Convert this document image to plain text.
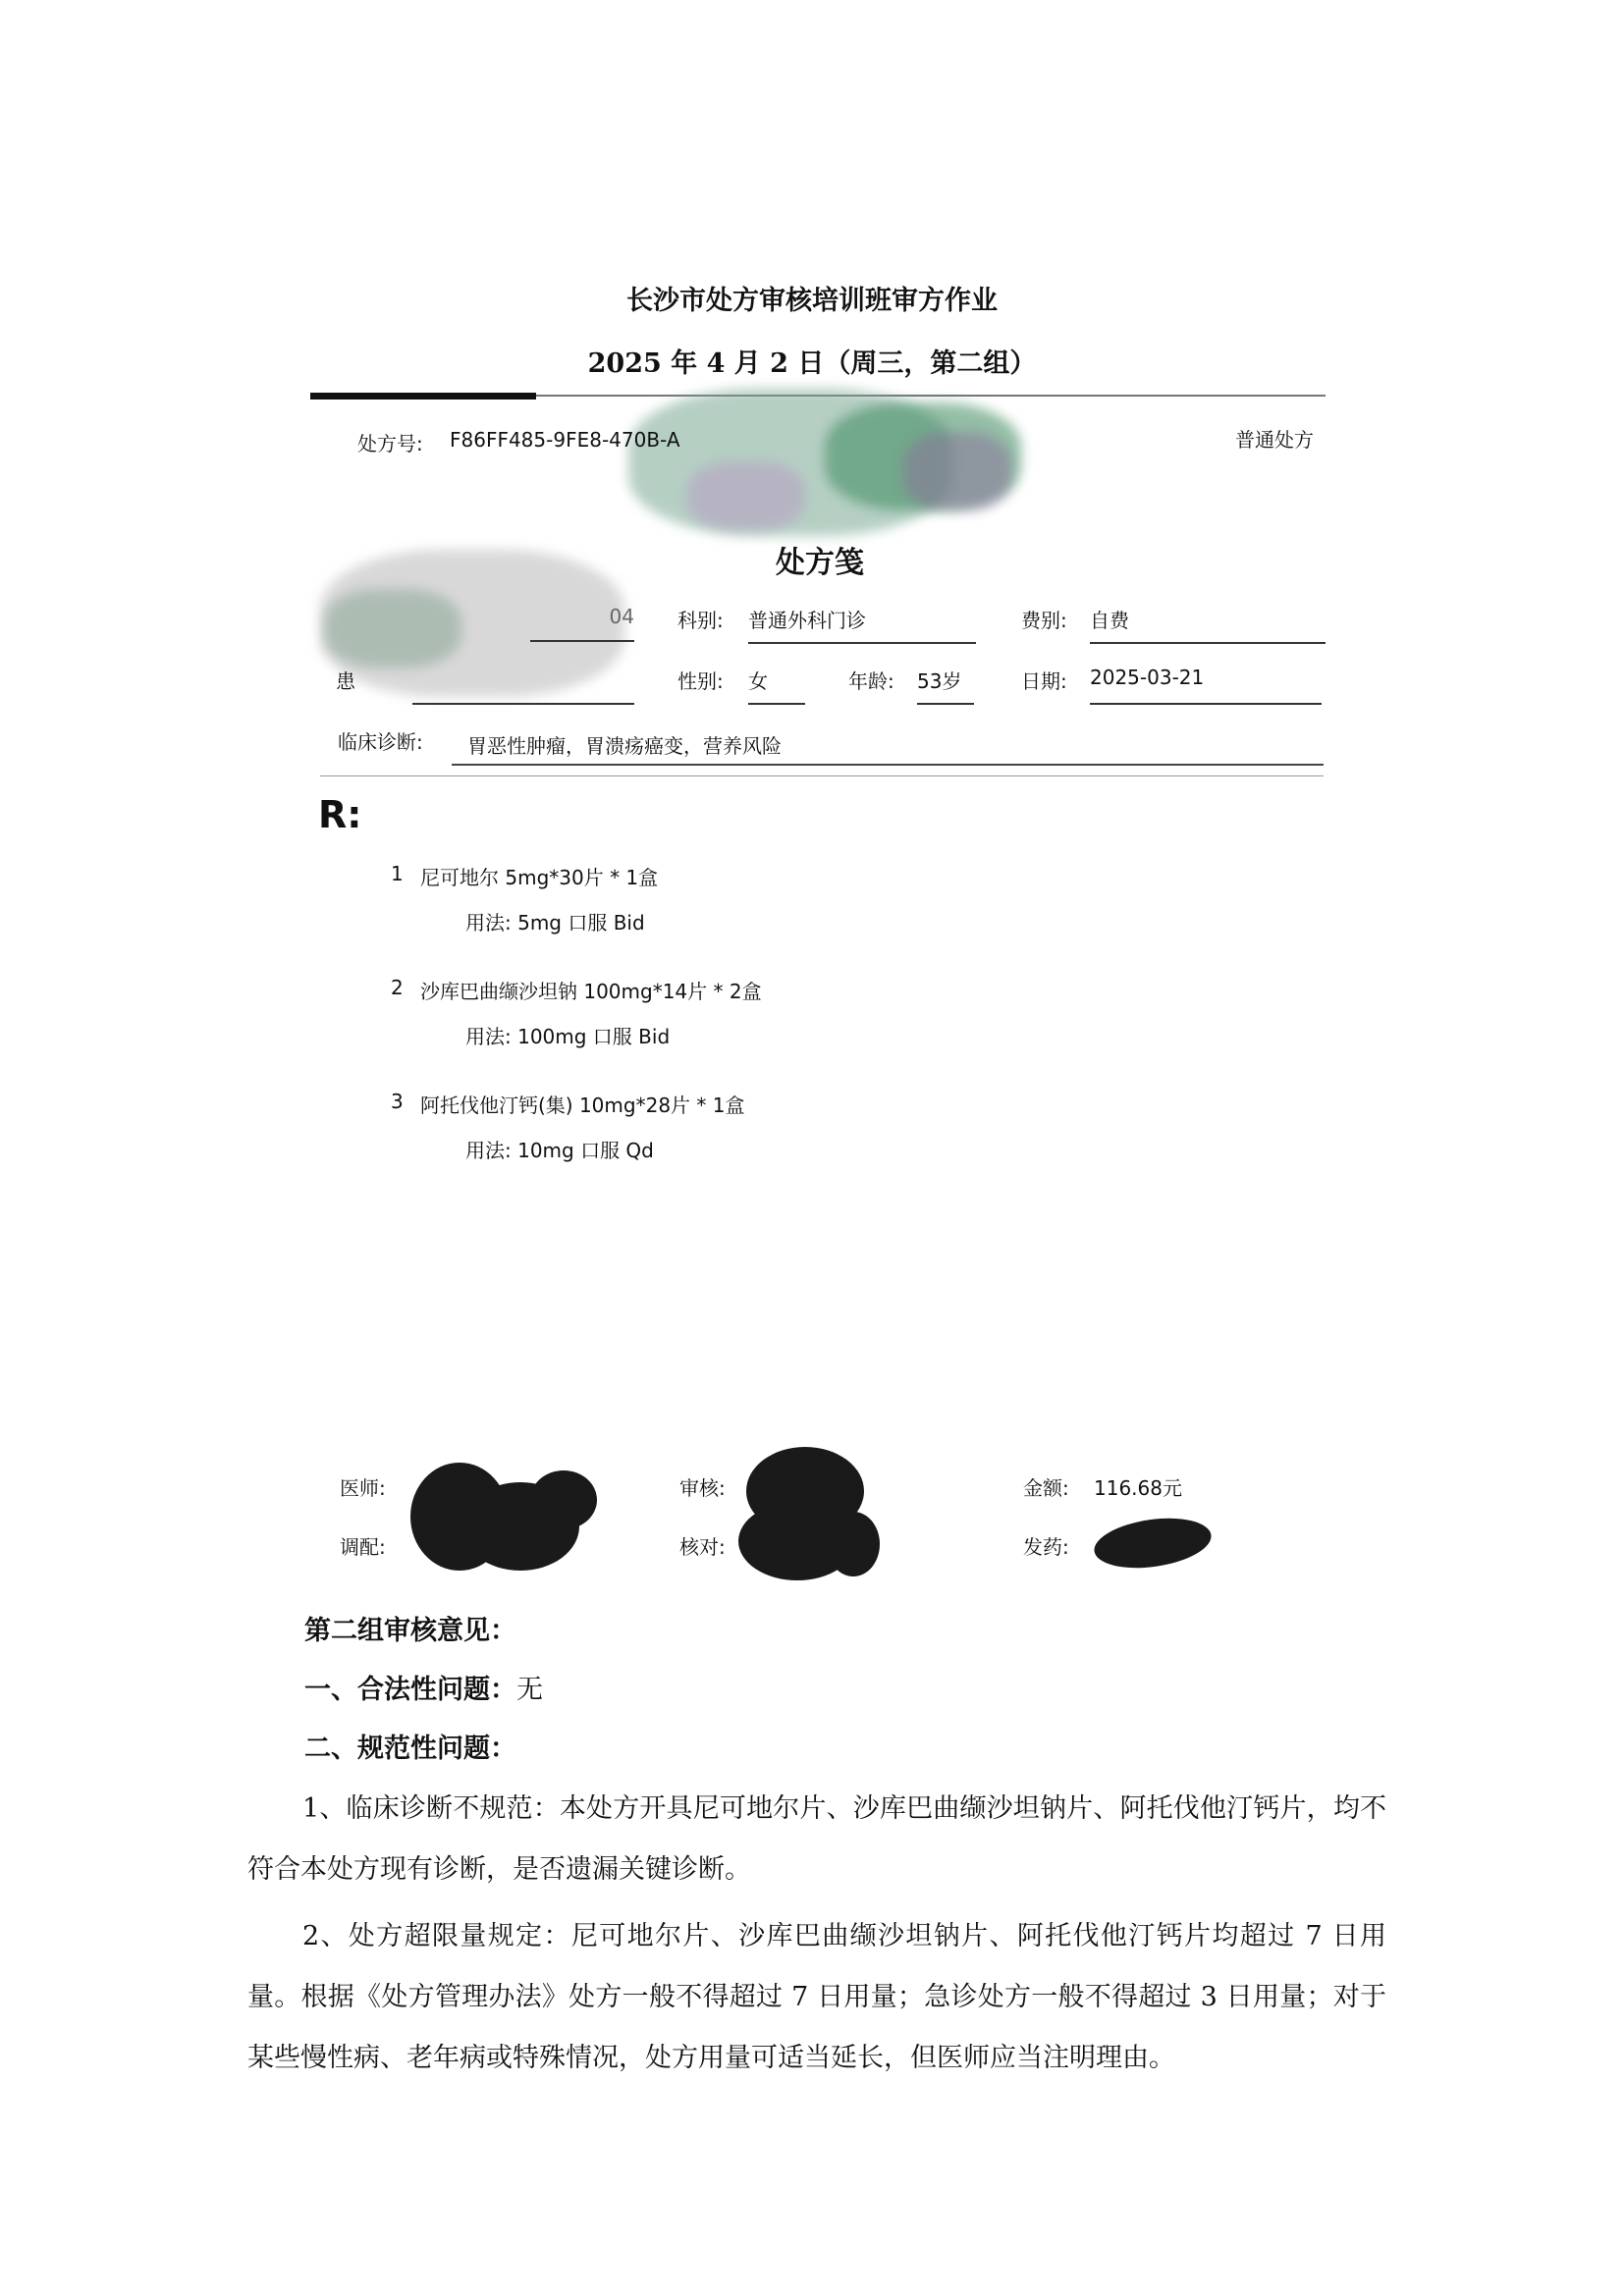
长沙市处方审核培训班审方作业
2025 年 4 月 2 日（周三，第二组）
处方号: F86FF485-9FE8-470B-A	普通处方
处方笺
04 科别: 普通外科门诊	费别: 自费
患	性别: 女	年龄: 53岁	日期: 2025-03-21
临床诊断: 胃恶性肿瘤，胃溃疡癌变，营养风险
R:
1 尼可地尔 5mg*30片 * 1盒
用法: 5mg 口服 Bid
2 沙库巴曲缬沙坦钠 100mg*14片 * 2盒
用法: 100mg 口服 Bid
3 阿托伐他汀钙(集) 10mg*28片 * 1盒
用法: 10mg 口服 Qd
医师:	审核:	金额: 116.68元
调配:	核对:	发药:
第二组审核意见：
一、合法性问题：无
二、规范性问题：
1、临床诊断不规范：本处方开具尼可地尔片、沙库巴曲缬沙坦钠片、阿托伐他汀钙片，均不符合本处方现有诊断，是否遗漏关键诊断。
2、处方超限量规定：尼可地尔片、沙库巴曲缬沙坦钠片、阿托伐他汀钙片均超过 7 日用量。根据《处方管理办法》处方一般不得超过 7 日用量；急诊处方一般不得超过 3 日用量；对于某些慢性病、老年病或特殊情况，处方用量可适当延长，但医师应当注明理由。
